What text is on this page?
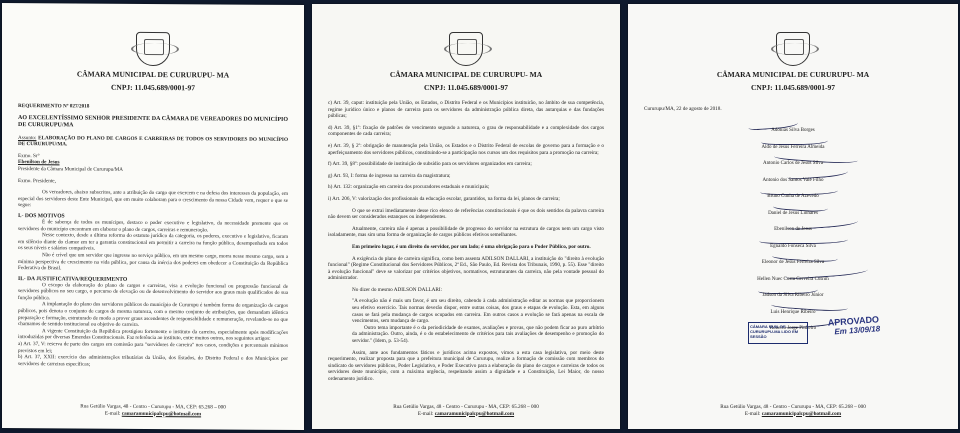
CÂMARA MUNICIPAL DE CURURUPU- MA
CNPJ: 11.045.689/0001-97
REQUERIMENTO Nº 027/2018
AO EXCELENTÍSSIMO SENHOR PRESIDENTE DA CÂMARA DE VEREADORES DO MUNICÍPIO DE CURURUPU/MA
Assunto: ELABORAÇÃO DO PLANO DE CARGOS E CARREIRAS DE TODOS OS SERVIDORES DO MUNICÍPIO DE CURURUPU/MA.
Exmo. Sr°
Ebenilson de Jesus
Presidente da Câmara Municipal de Cururupu/MA
Exmo. Presidente,
Os vereadores, abaixo subscritos, ante a atribuição do cargo que exercem e na defesa dos interesses da população, em especial dos servidores deste Ente Municipal, que em muito colaboram para o crescimento da nossa Cidade vem, requer o que se segue:
I.- DOS MOTIVOS
É de sabença de todos os munícipes, destaco o poder executivo e legislativo, da necessidade premente que os servidores do município encontram em elaborar o plano de cargos, carreiras e remuneração.
Nesse contexto, desde a última reforma do estatuto jurídico da categoria, os poderes, executivo e legislativo, ficaram em silêncio diante do clamor em ter a garantia constitucional em permitir a carreira na função pública, desempenhada em todos os seus níveis e salários compatíveis.
Não é crível que um servidor que ingresse no serviço público, em um mesmo cargo, morra nesse mesmo cargo, sem a mínima perspectiva de crescimento na vida pública, por causa da inércia dos poderes em obedecer a Constituição da República Federativa do Brasil.
II.- DA JUSTIFICATIVA/REQUERIMENTO
O escopo da elaboração do plano de cargos e carreiras, visa a evolução funcional ou progressão funcional de servidores públicos no seu cargo, o percurso de elevação ou de desenvolvimento do servidor aos graus mais qualificados de sua função pública.
A implantação do plano dos servidores públicos do município de Cururupu é também forma de organização de cargos públicos, pois denota o conjunto de cargos de mesma natureza, com o mesmo conjunto de atribuições, que demandam idêntica preparação e formação, estruturado de modo a prover graus ascendentes de responsabilidade e remuneração, revelando-se no que chamamos de sentido institucional ou objetivo de carreira.
A vigente Constituição da República prestigiou fortemente o instituto da carreira, especialmente após modificações introduzidas por diversas Emendas Constitucionais. Faz referência ao instituto, entre muitos outros, nos seguintes artigos:
a) Art. 37, V: reserva de parte dos cargos em comissão para "servidores de carreira" nos casos, condições e percentuais mínimos previstos em lei;
b) Art. 37, XXII: exercício das administrações tributárias da União, dos Estados, do Distrito Federal e dos Municípios por servidores de carreiras específicas;
Rua Getúlio Vargas, 48 - Centro - Cururupu - MA, CEP: 65.268 – 000
E-mail: camaramunicipalcpu@hotmail.com
CÂMARA MUNICIPAL DE CURURUPU- MA
CNPJ: 11.045.689/0001-97
c) Art. 39, caput: instituição pela União, os Estados, o Distrito Federal e os Municípios instituirão, no âmbito de sua competência, regime jurídico único e planos de carreira para os servidores da administração pública direta, das autarquias e das fundações públicas;
d) Art. 39, §1º: fixação de padrões de vencimento segundo a natureza, o grau de responsabilidade e a complexidade dos cargos componentes de cada carreira;
e) Art. 39, § 2º: obrigação de manutenção pela União, os Estados e o Distrito Federal de escolas de governo para a formação e o aperfeiçoamento dos servidores públicos, constituindo-se a participação nos cursos um dos requisitos para a promoção na carreira;
f) Art. 39, §8º: possibilidade de instituição de subsídio para os servidores organizados em carreira;
g) Art. 93, I: forma de ingresso na carreira da magistratura;
h) Art. 132: organização em carreira dos procuradores estaduais e municipais;
i) Art. 206, V: valorização dos profissionais da educação escolar, garantidos, na forma da lei, planos de carreira;
O que se extrai imediatamente desse rico elenco de referências constitucionais é que os dois sentidos da palavra carreira não devem ser considerados estanques ou independentes.
Atualmente, carreira não é apenas a possibilidade de progresso do servidor na estrutura de cargos nem um cargo visto isoladamente, mas sim uma forma de organização de cargos públicos efetivos semelhantes.
Em primeiro lugar, é um direito do servidor, por um lado; é uma obrigação para o Poder Público, por outro.
A exigência do plano de carreira significa, como bem assenta ADILSON DALLARI, a instituição do "direito à evolução funcional" (Regime Constitucional dos Servidores Públicos, 2ª Ed., São Paulo, Ed. Revista dos Tribunais, 1990, p. 55). Esse "direito à evolução funcional" deve se valorizar por critérios objetivos, normativos, estruturantes da carreira, não pela vontade pessoal do administrador.
No dizer do mesmo ADILSON DALLARI:
"A evolução não é mais um favor, é um seu direito, cabendo à cada administração editar as normas que proporcionem seu efetivo exercício. Tais normas deverão dispor, entre outras coisas, dos graus e etapas de evolução. Esta, em alguns casos se fará pela mudança de cargos ocupados em carreira. Em outros casos a evolução se fará apenas na escala de vencimentos, sem mudança de cargo.
Outro tema importante é o da periodicidade de exames, avaliações e provas, que não podem ficar ao puro arbítrio da administração. Outro, ainda, é o do estabelecimento de critérios para tais avaliações de desempenho e promoção do servidor." (Idem, p. 53-54).
Assim, ante aos fundamentos fáticos e jurídicos acima expostos, vimos a esta casa legislativa, por meio deste requerimento, realizar proposta para que a prefeitura municipal de Cururupu, realize a formação de comissão com membros do sindicato do servidores públicos, Poder Legislativo, e Poder Executivo para a elaboração do plano de cargos e carreiras de todos os servidores deste município, com a máxima urgência, respeitando assim a dignidade e a Constituição, Lei Maior, do nosso ordenamento jurídico.
Rua Getúlio Vargas, 48 - Centro - Cururupu - MA, CEP: 65.268 – 000
E-mail: camaramunicipalcpu@hotmail.com
CÂMARA MUNICIPAL DE CURURUPU- MA
CNPJ: 11.045.689/0001-97
Cururupu/MA, 22 de agosto de 2018.
Adonias Silva Borges
Aldo de Jesus Ferreira Almeida
Antonio Carlos de Jesus Silva
Antonio dos Santos Vale Filho
Bruno Cunha de Azevedo
Daniel de Jesus Linhares
Ebenilson de Jesus
Egnaldo Fonseca Silva
Eleonor de Jesus Ferreira Silva
Hellen Nuec Costa Cerveira Cutrim
Jadson da Silva Ribeiro Júnior
Luis Henrique Ribeiro
Roberto Jorge Pinheiro
CÂMARA MUN. DE CURURUPU-MA LIDO EM SESSÃO
APROVADO
Em 13/09/18
Rua Getúlio Vargas, 48 - Centro - Cururupu - MA, CEP: 65.268 – 000
E-mail: camaramunicipalcpu@hotmail.com
